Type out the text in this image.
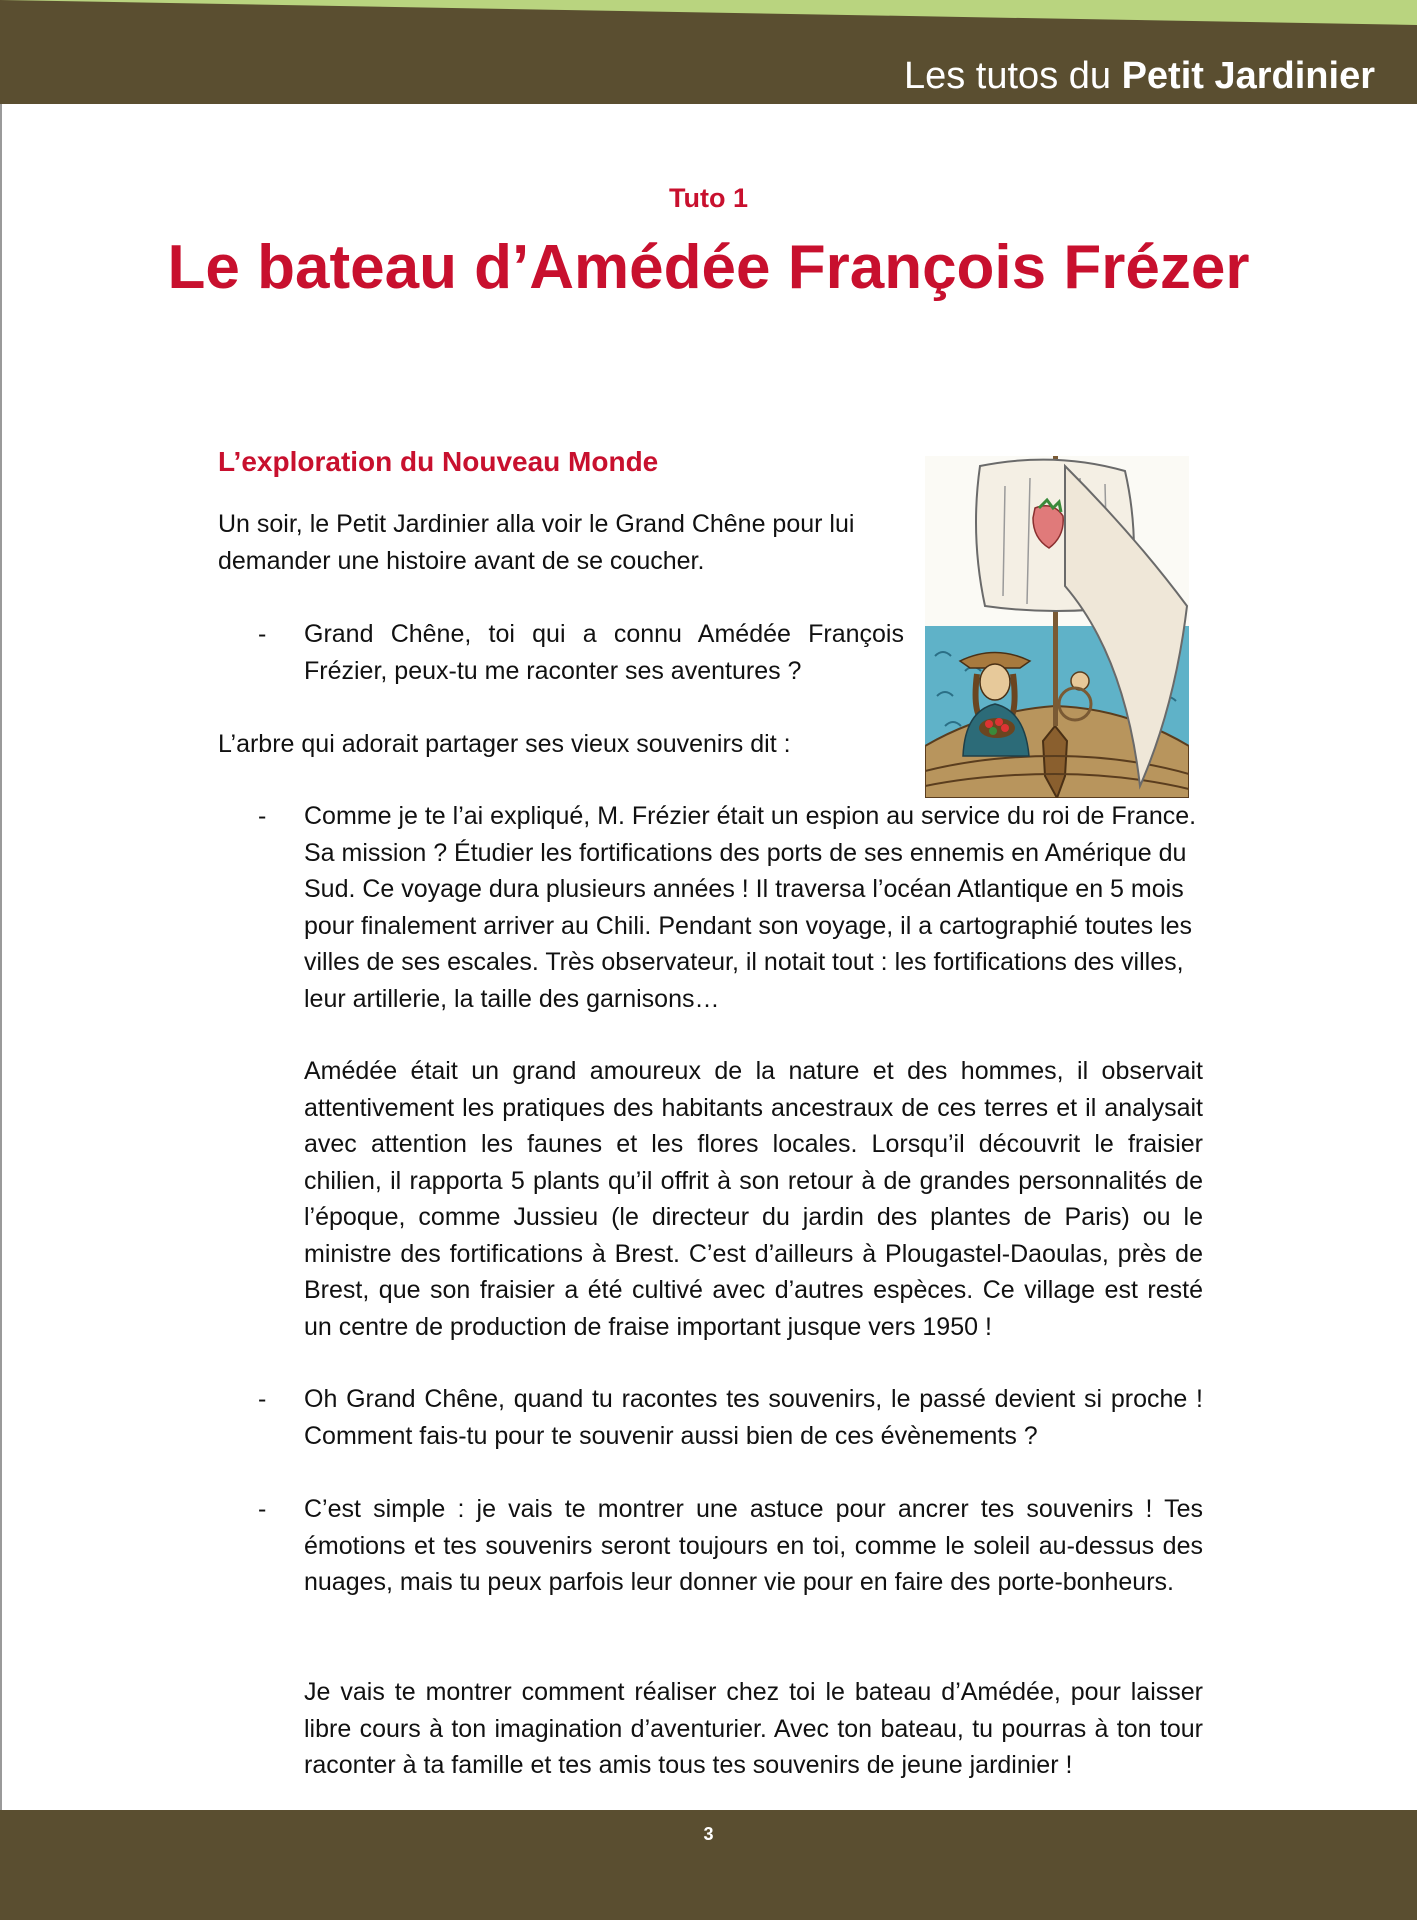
Les tutos du Petit Jardinier
Tuto 1
Le bateau d’Amédée François Frézer
L’exploration du Nouveau Monde

Un soir, le Petit Jardinier alla voir le Grand Chêne pour lui demander une histoire avant de se coucher.

- Grand Chêne, toi qui a connu Amédée François Frézier, peux-tu me raconter ses aventures ?

L’arbre qui adorait partager ses vieux souvenirs dit :

- Comme je te l’ai expliqué, M. Frézier était un espion au service du roi de France. Sa mission ? Étudier les fortifications des ports de ses ennemis en Amérique du Sud. Ce voyage dura plusieurs années ! Il traversa l’océan Atlantique en 5 mois pour finalement arriver au Chili. Pendant son voyage, il a cartographié toutes les villes de ses escales. Très observateur, il notait tout : les fortifications des villes, leur artillerie, la taille des garnisons…
Amédée était un grand amoureux de la nature et des hommes, il observait attentivement les pratiques des habitants ancestraux de ces terres et il analysait avec attention les faunes et les flores locales. Lorsqu’il découvrit le fraisier chilien, il rapporta 5 plants qu’il offrit à son retour à de grandes personnalités de l’époque, comme Jussieu (le directeur du jardin des plantes de Paris) ou le ministre des fortifications à Brest. C’est d’ailleurs à Plougastel-Daoulas, près de Brest, que son fraisier a été cultivé avec d’autres espèces. Ce village est resté un centre de production de fraise important jusque vers 1950 !
- Oh Grand Chêne, quand tu racontes tes souvenirs, le passé devient si proche ! Comment fais-tu pour te souvenir aussi bien de ces évènements ?
- C’est simple : je vais te montrer une astuce pour ancrer tes souvenirs ! Tes émotions et tes souvenirs seront toujours en toi, comme le soleil au-dessus des nuages, mais tu peux parfois leur donner vie pour en faire des porte-bonheurs.
Je vais te montrer comment réaliser chez toi le bateau d’Amédée, pour laisser libre cours à ton imagination d’aventurier. Avec ton bateau, tu pourras à ton tour raconter à ta famille et tes amis tous tes souvenirs de jeune jardinier !
3
